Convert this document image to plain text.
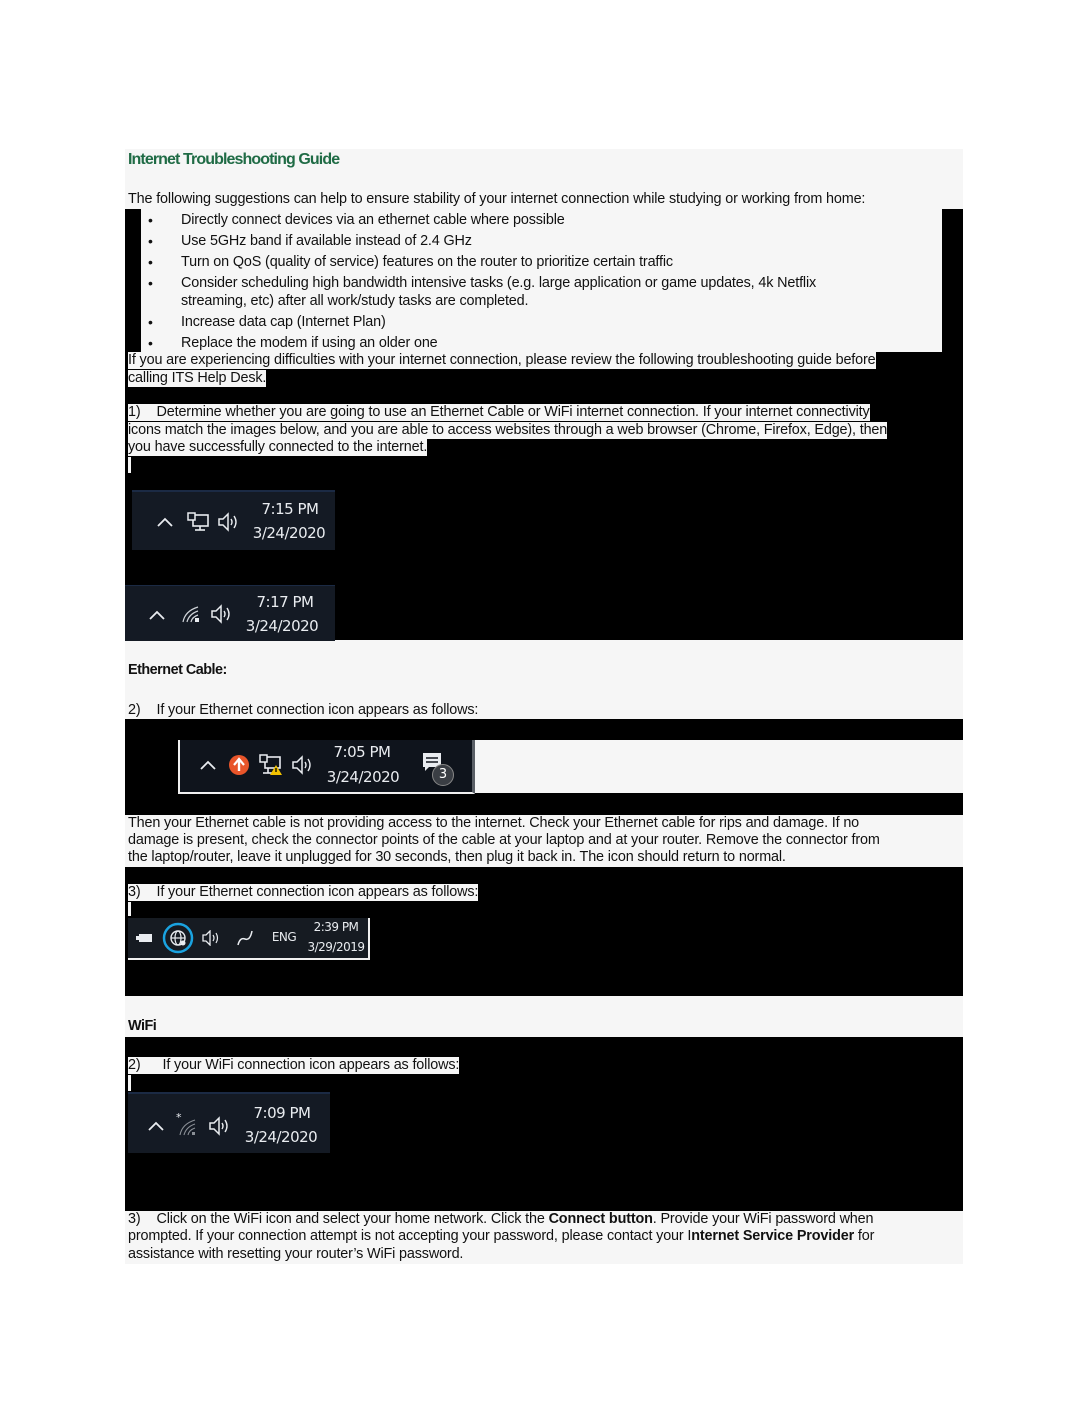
Internet Troubleshooting Guide
The following suggestions can help to ensure stability of your internet connection while studying or working from home:
• Directly connect devices via an ethernet cable where possible
• Use 5GHz band if available instead of 2.4 GHz
• Turn on QoS (quality of service) features on the router to prioritize certain traffic
• Consider scheduling high bandwidth intensive tasks (e.g. large application or game updates, 4k Netflix
streaming, etc) after all work/study tasks are completed.
• Increase data cap (Internet Plan)
• Replace the modem if using an older one
If you are experiencing difficulties with your internet connection, please review the following troubleshooting guide before
calling ITS Help Desk.
1) Determine whether you are going to use an Ethernet Cable or WiFi internet connection. If your internet connectivity
icons match the images below, and you are able to access websites through a web browser (Chrome, Firefox, Edge), then
you have successfully connected to the internet.
7:15 PM
3/24/2020
7:17 PM
3/24/2020
Ethernet Cable:
2) If your Ethernet connection icon appears as follows:
7:05 PM
3/24/2020	3
Then your Ethernet cable is not providing access to the internet. Check your Ethernet cable for rips and damage. If no
damage is present, check the connector points of the cable at your laptop and at your router. Remove the connector from
the laptop/router, leave it unplugged for 30 seconds, then plug it back in. The icon should return to normal.
3) If your Ethernet connection icon appears as follows:
ENG
2:39 PM
3/29/2019
WiFi
2) If your WiFi connection icon appears as follows:
*	7:09 PM
3/24/2020
3) Click on the WiFi icon and select your home network. Click the Connect button. Provide your WiFi password when
prompted. If your connection attempt is not accepting your password, please contact your Internet Service Provider for
assistance with resetting your router’s WiFi password.
